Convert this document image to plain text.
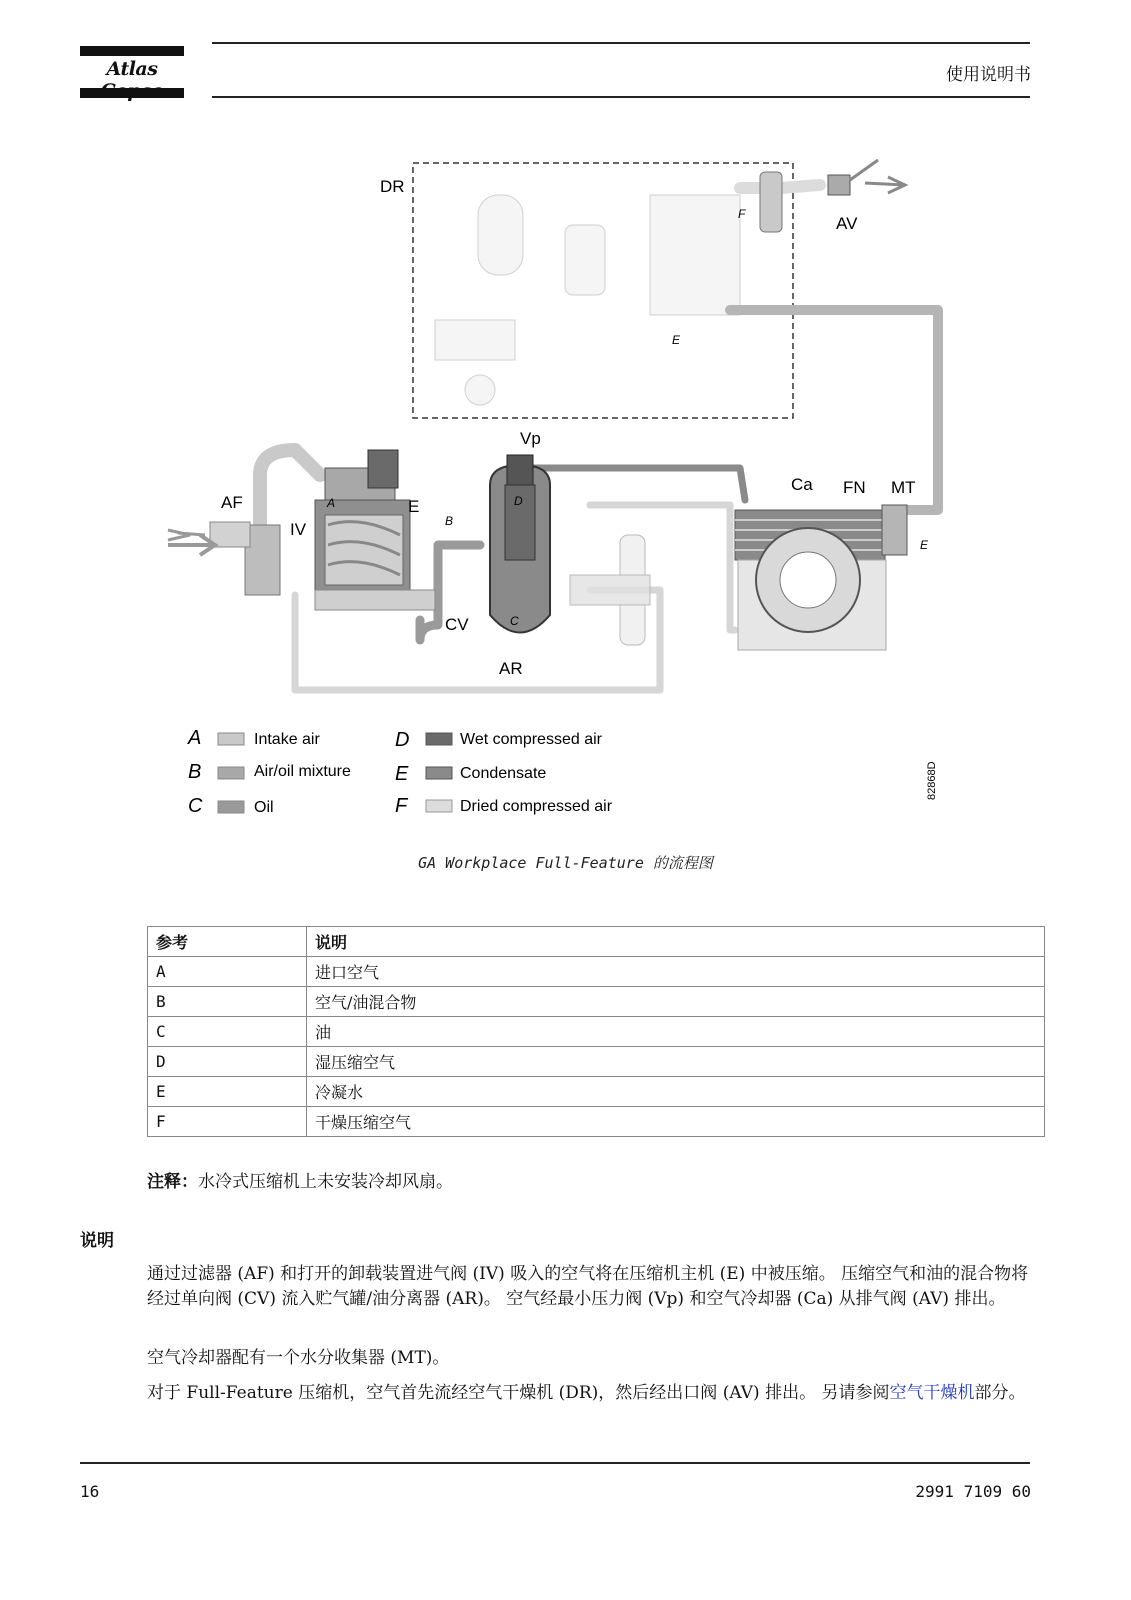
Atlas	使用说明书
DR
AV
Vp
AF
IV
E
Ca FN MT
CV
AR
A
B
C
D
F
E
E
A	Intake air
B	Air/oil mixture
C	Oil
D	Wet compressed air
E	Condensate
F	Dried compressed air
82868D
GA Workplace Full-Feature 的流程图
参考	说明
A	进口空气
B	空气/油混合物
C	油
D	湿压缩空气
E	冷凝水
F	干燥压缩空气
注释：水冷式压缩机上未安装冷却风扇。
说明
通过过滤器 (AF) 和打开的卸载装置进气阀 (IV) 吸入的空气将在压缩机主机 (E) 中被压缩。 压缩空气和油的混合物将经过单向阀 (CV) 流入贮气罐/油分离器 (AR)。 空气经最小压力阀 (Vp) 和空气冷却器 (Ca) 从排气阀 (AV) 排出。
空气冷却器配有一个水分收集器 (MT)。
对于 Full-Feature 压缩机，空气首先流经空气干燥机 (DR)，然后经出口阀 (AV) 排出。 另请参阅空气干燥机部分。
16	2991 7109 60
